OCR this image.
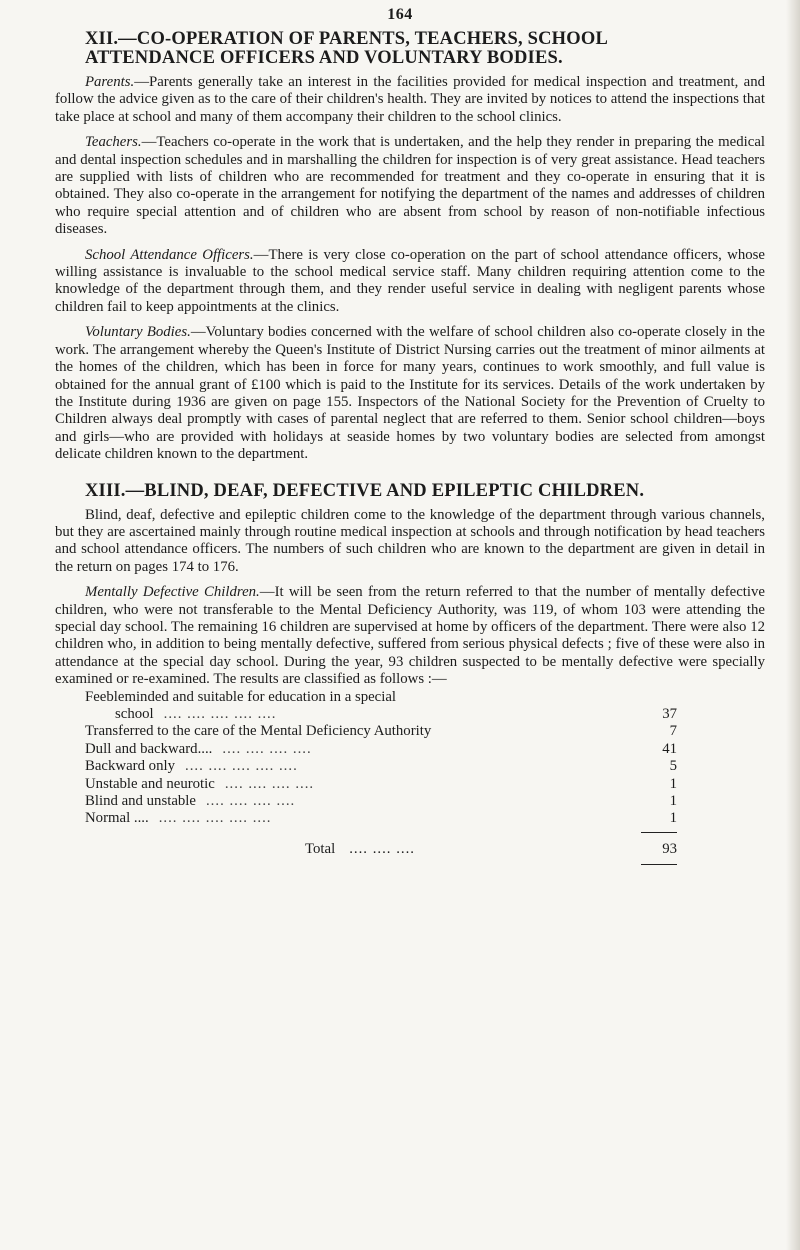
164
XII.—CO-OPERATION OF PARENTS, TEACHERS, SCHOOL

ATTENDANCE OFFICERS AND VOLUNTARY BODIES.

Parents.—Parents generally take an interest in the facilities provided for medical inspection and treatment, and follow the advice given as to the care of their children's health. They are invited by notices to attend the inspections that take place at school and many of them accompany their children to the school clinics.

Teachers.—Teachers co-operate in the work that is undertaken, and the help they render in preparing the medical and dental inspection schedules and in marshalling the children for inspection is of very great assistance. Head teachers are supplied with lists of children who are recommended for treatment and they co-operate in ensuring that it is obtained. They also co-operate in the arrangement for notifying the department of the names and addresses of children who require special attention and of children who are absent from school by reason of non-notifiable infectious diseases.

School Attendance Officers.—There is very close co-operation on the part of school attendance officers, whose willing assistance is invaluable to the school medical service staff. Many children requiring attention come to the knowledge of the department through them, and they render useful service in dealing with negligent parents whose children fail to keep appointments at the clinics.

Voluntary Bodies.—Voluntary bodies concerned with the welfare of school children also co-operate closely in the work. The arrangement whereby the Queen's Institute of District Nursing carries out the treatment of minor ailments at the homes of the children, which has been in force for many years, continues to work smoothly, and full value is obtained for the annual grant of £100 which is paid to the Institute for its services. Details of the work undertaken by the Institute during 1936 are given on page 155. Inspectors of the National Society for the Prevention of Cruelty to Children always deal promptly with cases of parental neglect that are referred to them. Senior school children—boys and girls—who are provided with holidays at seaside homes by two voluntary bodies are selected from amongst delicate children known to the department.

XIII.—BLIND, DEAF, DEFECTIVE AND EPILEPTIC CHILDREN.

Blind, deaf, defective and epileptic children come to the knowledge of the department through various channels, but they are ascertained mainly through routine medical inspection at schools and through notification by head teachers and school attendance officers. The numbers of such children who are known to the department are given in detail in the return on pages 174 to 176.

Mentally Defective Children.—It will be seen from the return referred to that the number of mentally defective children, who were not transferable to the Mental Deficiency Authority, was 119, of whom 103 were attending the special day school. The remaining 16 children are supervised at home by officers of the department. There were also 12 children who, in addition to being mentally defective, suffered from serious physical defects ; five of these were also in attendance at the special day school. During the year, 93 children suspected to be mentally defective were specially examined or re-examined. The results are classified as follows :—

Feebleminded and suitable for education in a special
school .... .... .... .... ....	37
Transferred to the care of the Mental Deficiency Authority	7
Dull and backward.... .... .... .... ....	41
Backward only .... .... .... .... ....	5
Unstable and neurotic .... .... .... ....	1
Blind and unstable .... .... .... ....	1
Normal .... .... .... .... .... ....	1
Total .... .... ....	93
